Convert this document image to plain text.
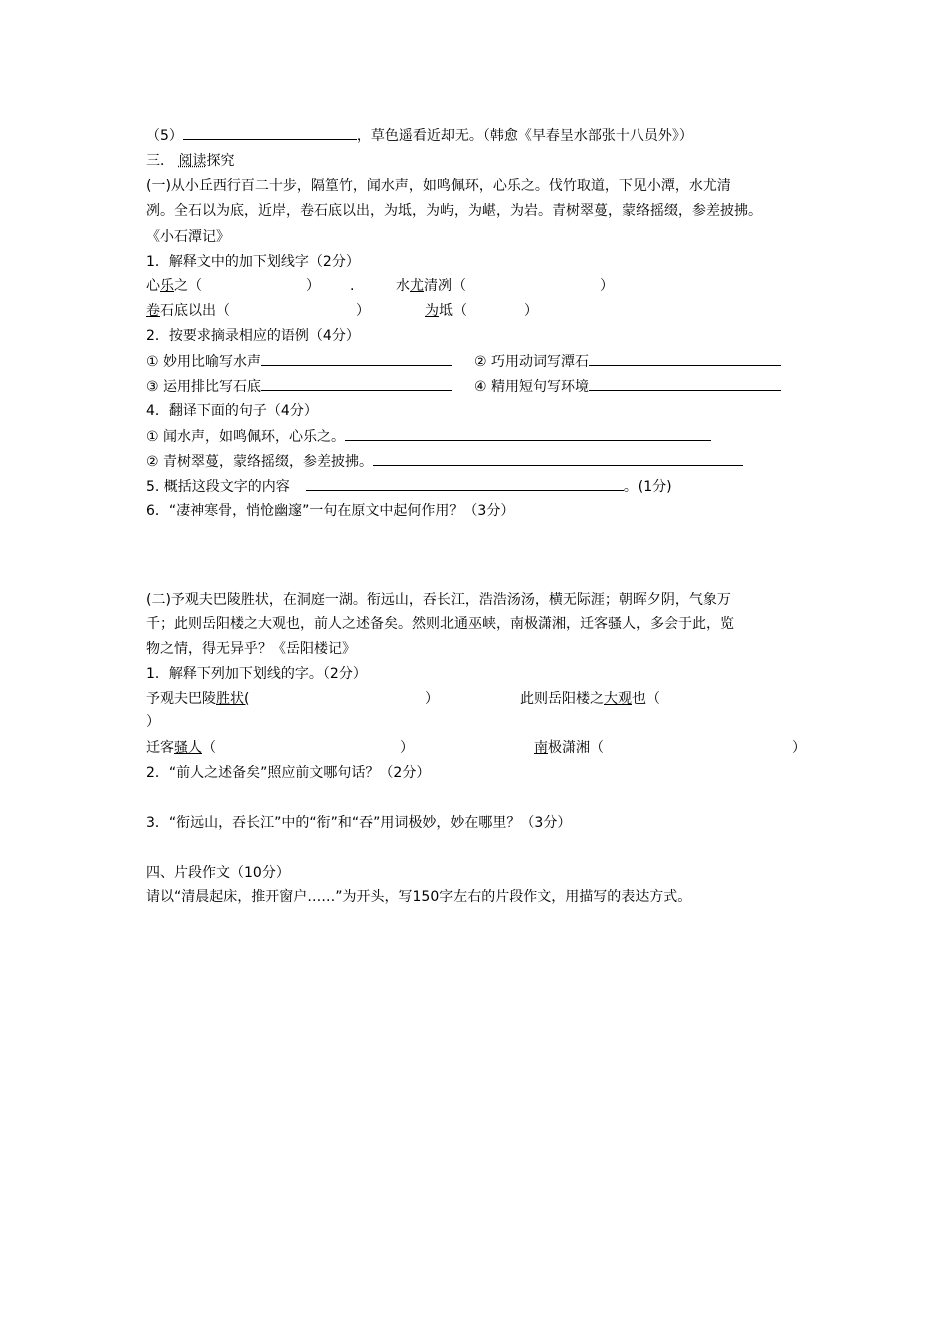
（5）	，草色遥看近却无。（韩愈《早春呈水部张十八员外》）
三． 阅读探究
(一)从小丘西行百二十步，隔篁竹，闻水声，如鸣佩环，心乐之。伐竹取道，下见小潭，水尤清
冽。全石以为底，近岸，卷石底以出，为坻，为屿，为嵁，为岩。青树翠蔓，蒙络摇缀，参差披拂。
《小石潭记》
1．解释文中的加下划线字（2分）
心乐之（	） .	水尤清冽（	）
卷石底以出（	）	为坻（	）
2．按要求摘录相应的语例（4分）
① 妙用比喻写水声	② 巧用动词写潭石
③ 运用排比写石底	④ 精用短句写环境
4．翻译下面的句子（4分）
① 闻水声，如鸣佩环，心乐之。
② 青树翠蔓，蒙络摇缀，参差披拂。
5. 概括这段文字的内容	。(1分)
6．“凄神寒骨，悄怆幽邃”一句在原文中起何作用？（3分）
(二)予观夫巴陵胜状，在洞庭一湖。衔远山，吞长江，浩浩汤汤，横无际涯；朝晖夕阴，气象万
千；此则岳阳楼之大观也，前人之述备矣。然则北通巫峡，南极潇湘，迁客骚人，多会于此，览
物之情，得无异乎？《岳阳楼记》
1．解释下列加下划线的字。（2分）
予观夫巴陵胜状(	）	此则岳阳楼之大观也（
）
迁客骚人（	）	南极潇湘（	）
2．“前人之述备矣”照应前文哪句话？（2分）
3．“衔远山，吞长江”中的“衔”和“吞”用词极妙，妙在哪里？（3分）
四、片段作文（10分）
请以“清晨起床，推开窗户……”为开头，写150字左右的片段作文，用描写的表达方式。
